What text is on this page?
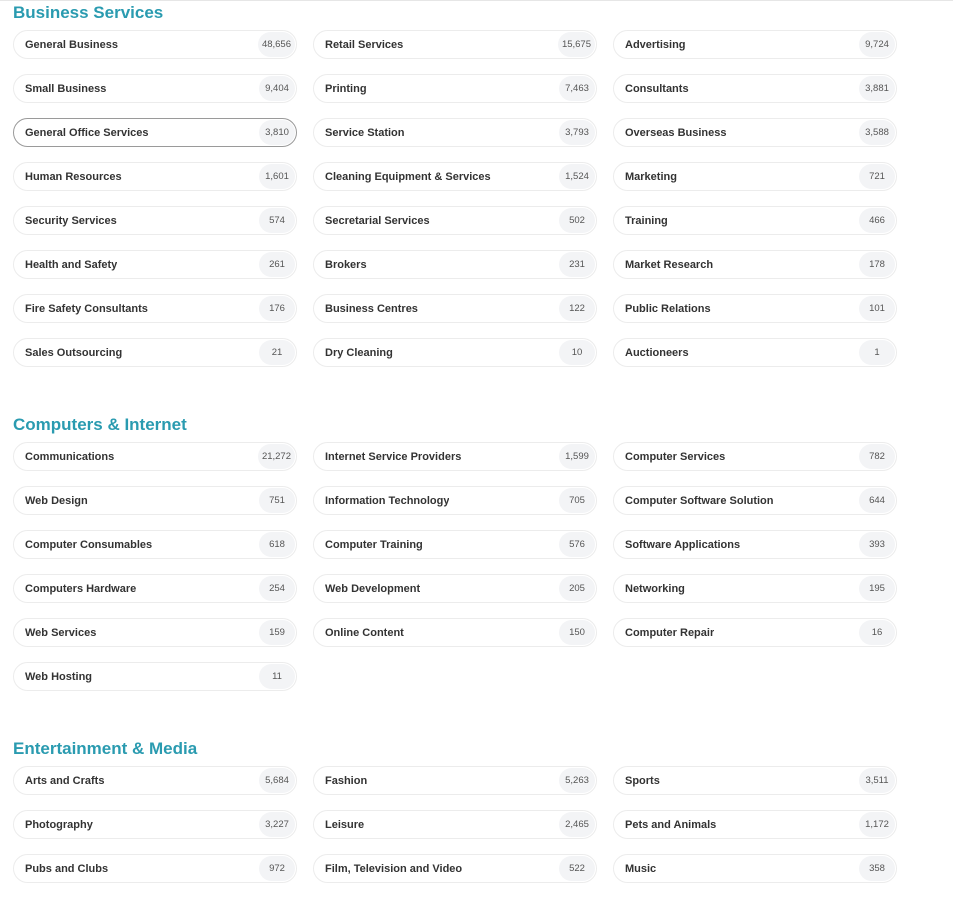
Business Services
General Business	48,656	Retail Services	15,675	Advertising	9,724
Small Business	9,404	Printing	7,463	Consultants	3,881
General Office Services	3,810	Service Station	3,793	Overseas Business	3,588
Human Resources	1,601	Cleaning Equipment & Services	1,524	Marketing	721
Security Services	574	Secretarial Services	502	Training	466
Health and Safety	261	Brokers	231	Market Research	178
Fire Safety Consultants	176	Business Centres	122	Public Relations	101
Sales Outsourcing	21	Dry Cleaning	10	Auctioneers	1
Computers & Internet
Communications	21,272	Internet Service Providers	1,599	Computer Services	782
Web Design	751	Information Technology	705	Computer Software Solution	644
Computer Consumables	618	Computer Training	576	Software Applications	393
Computers Hardware	254	Web Development	205	Networking	195
Web Services	159	Online Content	150	Computer Repair	16
Web Hosting	11
Entertainment & Media
Arts and Crafts	5,684	Fashion	5,263	Sports	3,511
Photography	3,227	Leisure	2,465	Pets and Animals	1,172
Pubs and Clubs	972	Film, Television and Video	522	Music	358
